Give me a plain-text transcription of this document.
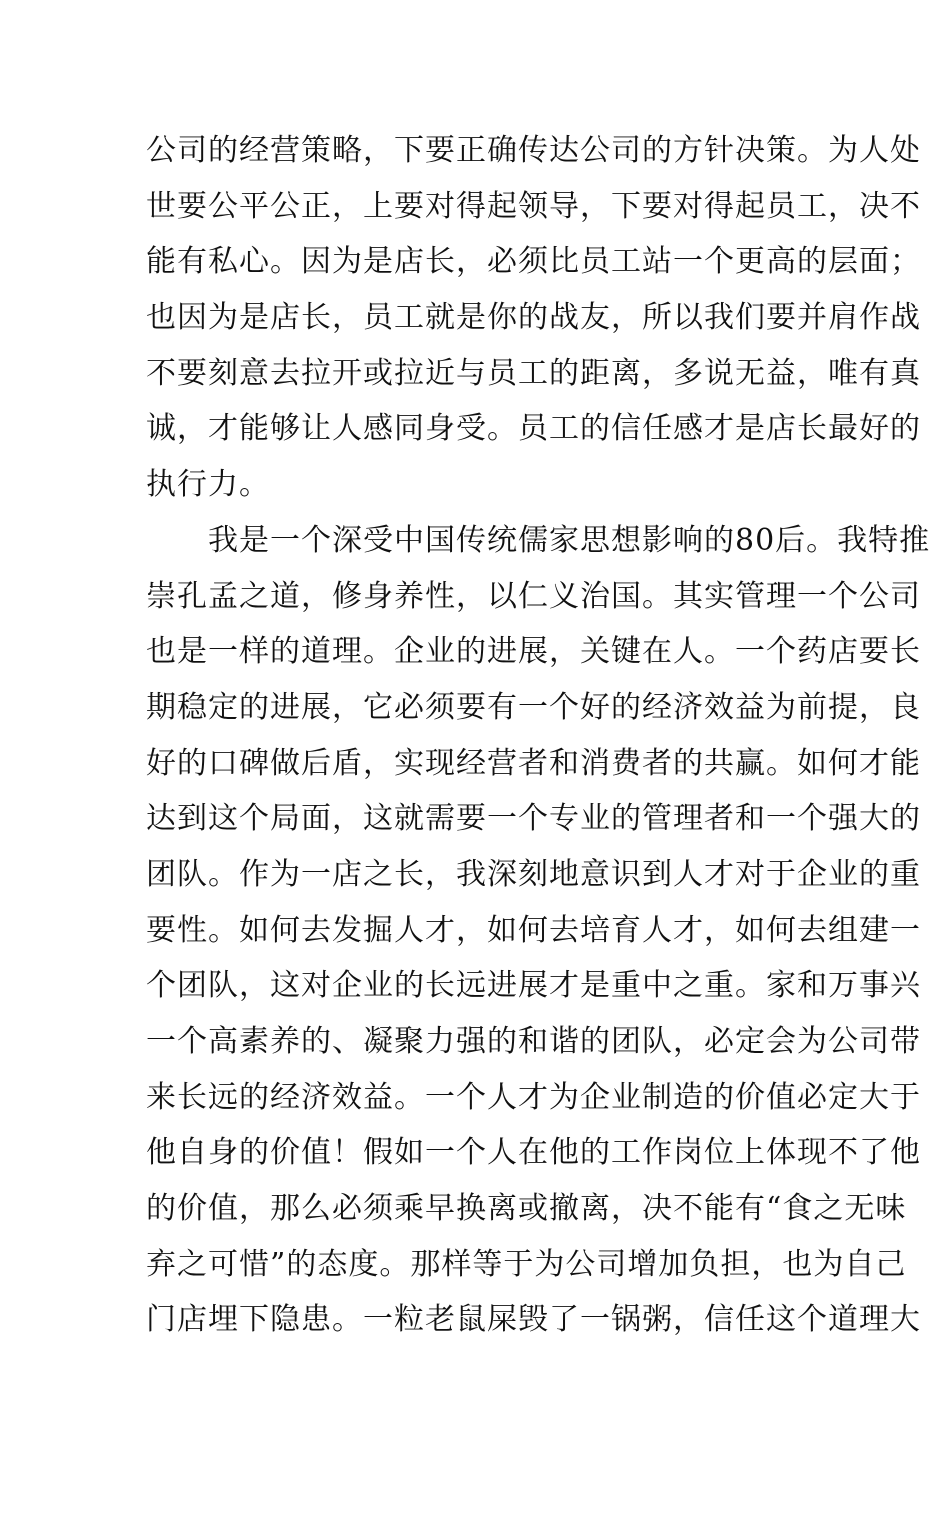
公司的经营策略，下要正确传达公司的方针决策。为人处
世要公平公正，上要对得起领导，下要对得起员工，决不
能有私心。因为是店长，必须比员工站一个更高的层面；
也因为是店长，员工就是你的战友，所以我们要并肩作战
不要刻意去拉开或拉近与员工的距离，多说无益，唯有真
诚，才能够让人感同身受。员工的信任感才是店长最好的
执行力。
　　我是一个深受中国传统儒家思想影响的80后。我特推
崇孔孟之道，修身养性，以仁义治国。其实管理一个公司
也是一样的道理。企业的进展，关键在人。一个药店要长
期稳定的进展，它必须要有一个好的经济效益为前提，良
好的口碑做后盾，实现经营者和消费者的共赢。如何才能
达到这个局面，这就需要一个专业的管理者和一个强大的
团队。作为一店之长，我深刻地意识到人才对于企业的重
要性。如何去发掘人才，如何去培育人才，如何去组建一
个团队，这对企业的长远进展才是重中之重。家和万事兴
一个高素养的、凝聚力强的和谐的团队，必定会为公司带
来长远的经济效益。一个人才为企业制造的价值必定大于
他自身的价值！假如一个人在他的工作岗位上体现不了他
的价值，那么必须乘早换离或撤离，决不能有“食之无味
弃之可惜”的态度。那样等于为公司增加负担，也为自己
门店埋下隐患。一粒老鼠屎毁了一锅粥，信任这个道理大
